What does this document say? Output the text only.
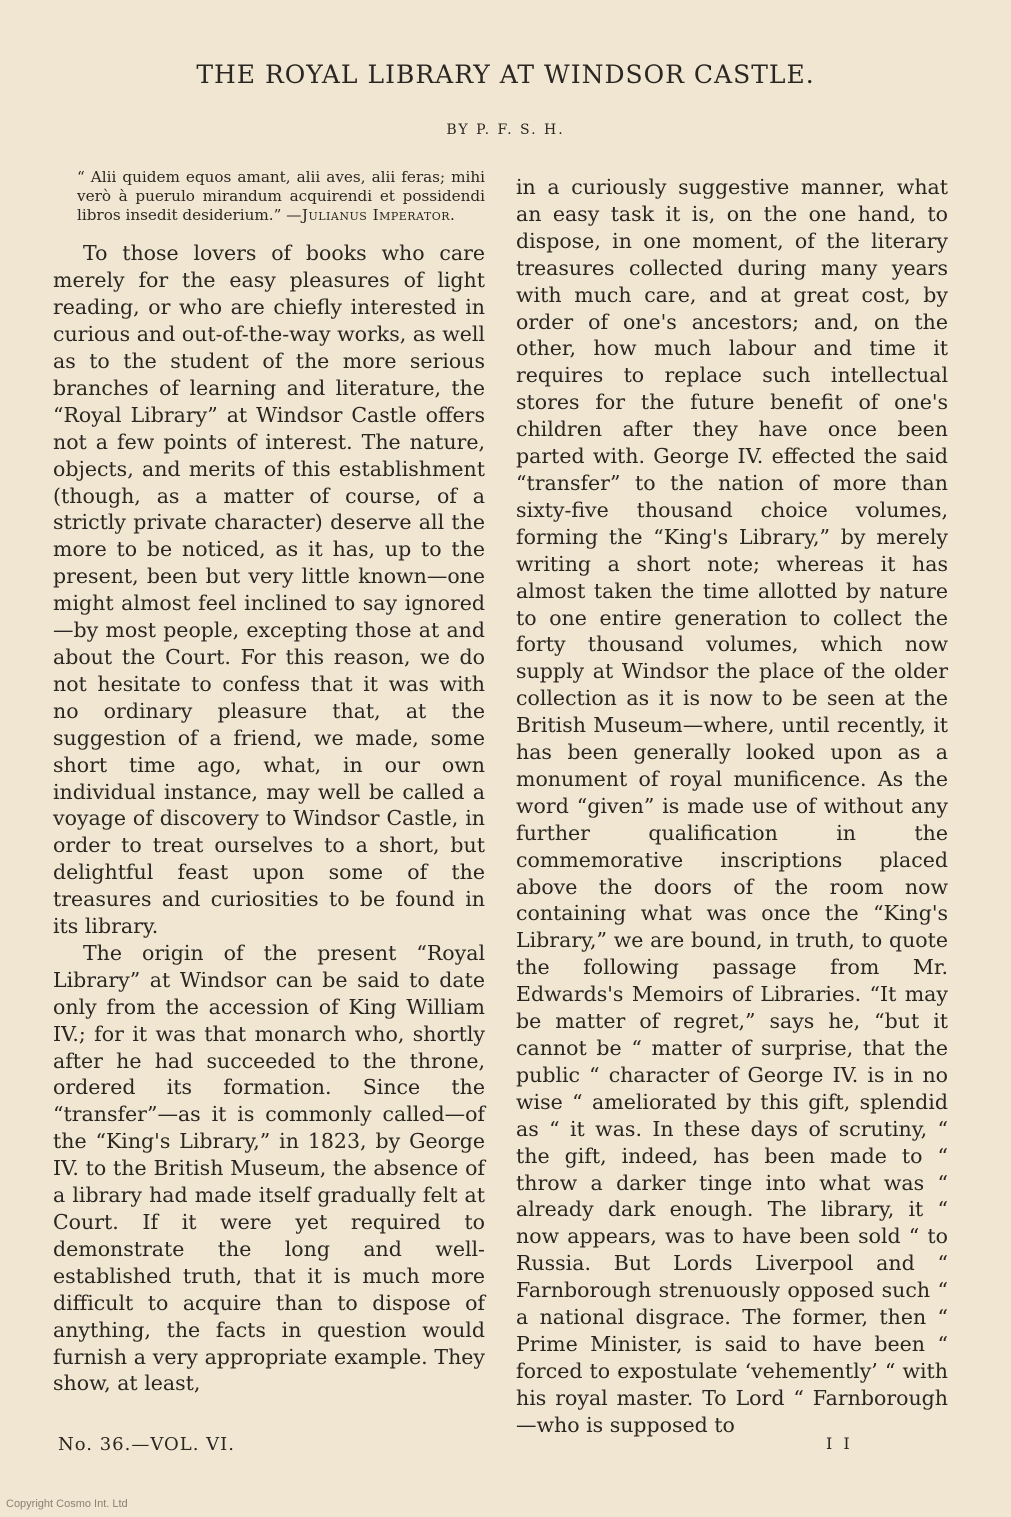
THE ROYAL LIBRARY AT WINDSOR CASTLE.
BY P. F. S. H.
“ Alii quidem equos amant, alii aves, alii feras; mihi verò à puerulo mirandum acquirendi et possidendi libros insedit desiderium.” —Julianus Imperator.

To those lovers of books who care merely for the easy pleasures of light reading, or who are chiefly interested in curious and out-of-the-way works, as well as to the student of the more serious branches of learning and literature, the “Royal Library” at Windsor Castle offers not a few points of interest. The nature, objects, and merits of this establishment (though, as a matter of course, of a strictly private character) deserve all the more to be noticed, as it has, up to the present, been but very little known—one might almost feel inclined to say ignored—by most people, excepting those at and about the Court. For this reason, we do not hesitate to confess that it was with no ordinary pleasure that, at the suggestion of a friend, we made, some short time ago, what, in our own individual instance, may well be called a voyage of discovery to Windsor Castle, in order to treat ourselves to a short, but delightful feast upon some of the treasures and curiosities to be found in its library.

The origin of the present “Royal Library” at Windsor can be said to date only from the accession of King William IV.; for it was that monarch who, shortly after he had succeeded to the throne, ordered its formation. Since the “transfer”—as it is commonly called—of the “King's Library,” in 1823, by George IV. to the British Museum, the absence of a library had made itself gradually felt at Court. If it were yet required to demonstrate the long and well-established truth, that it is much more difficult to acquire than to dispose of anything, the facts in question would furnish a very appropriate example. They show, at least,

in a curiously suggestive manner, what an easy task it is, on the one hand, to dispose, in one moment, of the literary treasures collected during many years with much care, and at great cost, by order of one's ancestors; and, on the other, how much labour and time it requires to replace such intellectual stores for the future benefit of one's children after they have once been parted with. George IV. effected the said “transfer” to the nation of more than sixty-five thousand choice volumes, forming the “King's Library,” by merely writing a short note; whereas it has almost taken the time allotted by nature to one entire generation to collect the forty thousand volumes, which now supply at Windsor the place of the older collection as it is now to be seen at the British Museum—where, until recently, it has been generally looked upon as a monument of royal munificence. As the word “given” is made use of without any further qualification in the commemorative inscriptions placed above the doors of the room now containing what was once the “King's Library,” we are bound, in truth, to quote the following passage from Mr. Edwards's Memoirs of Libraries. “It may be matter of regret,” says he, “but it cannot be “ matter of surprise, that the public “ character of George IV. is in no wise “ ameliorated by this gift, splendid as “ it was. In these days of scrutiny, “ the gift, indeed, has been made to “ throw a darker tinge into what was “ already dark enough. The library, it “ now appears, was to have been sold “ to Russia. But Lords Liverpool and “ Farnborough strenuously opposed such “ a national disgrace. The former, then “ Prime Minister, is said to have been “ forced to expostulate ‘vehemently’ “ with his royal master. To Lord “ Farnborough—who is supposed to

No. 36.—VOL. VI.	I I
Copyright Cosmo Int. Ltd
